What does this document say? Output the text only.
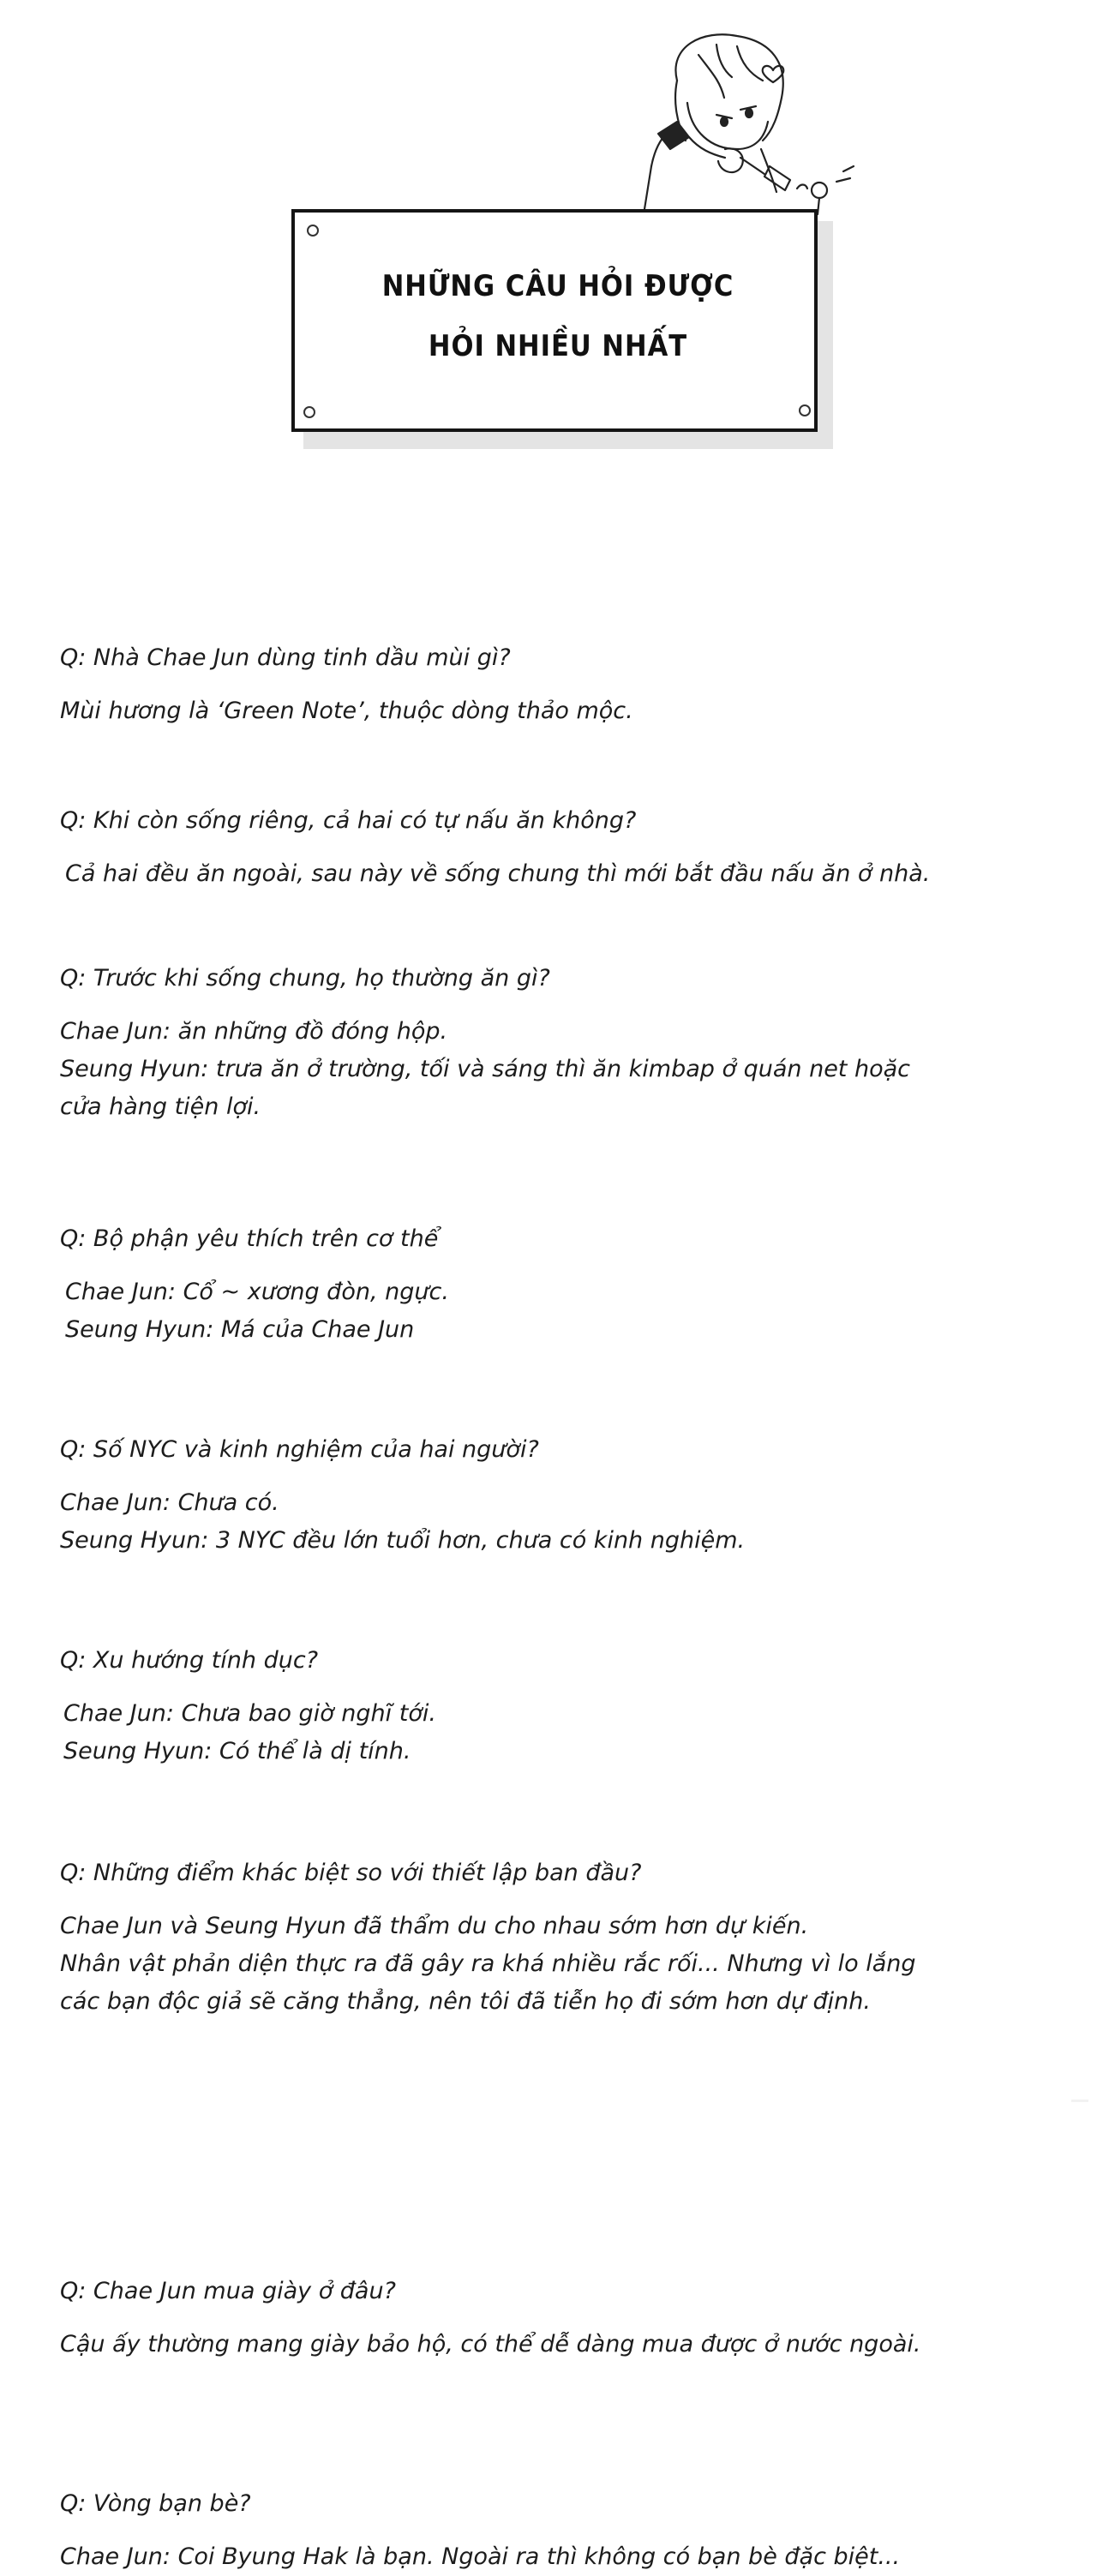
NHỮNG CÂU HỎI ĐƯỢC
HỎI NHIỀU NHẤT

Q: Nhà Chae Jun dùng tinh dầu mùi gì?

Mùi hương là ‘Green Note’, thuộc dòng thảo mộc.

Q: Khi còn sống riêng, cả hai có tự nấu ăn không?

Cả hai đều ăn ngoài, sau này về sống chung thì mới bắt đầu nấu ăn ở nhà.

Q: Trước khi sống chung, họ thường ăn gì?

Chae Jun: ăn những đồ đóng hộp.

Seung Hyun: trưa ăn ở trường, tối và sáng thì ăn kimbap ở quán net hoặc

cửa hàng tiện lợi.

Q: Bộ phận yêu thích trên cơ thể

Chae Jun: Cổ ~ xương đòn, ngực.

Seung Hyun: Má của Chae Jun

Q: Số NYC và kinh nghiệm của hai người?

Chae Jun: Chưa có.

Seung Hyun: 3 NYC đều lớn tuổi hơn, chưa có kinh nghiệm.

Q: Xu hướng tính dục?

Chae Jun: Chưa bao giờ nghĩ tới.

Seung Hyun: Có thể là dị tính.

Q: Những điểm khác biệt so với thiết lập ban đầu?

Chae Jun và Seung Hyun đã thẩm du cho nhau sớm hơn dự kiến.

Nhân vật phản diện thực ra đã gây ra khá nhiều rắc rối... Nhưng vì lo lắng

các bạn độc giả sẽ căng thẳng, nên tôi đã tiễn họ đi sớm hơn dự định.

Q: Chae Jun mua giày ở đâu?

Cậu ấy thường mang giày bảo hộ, có thể dễ dàng mua được ở nước ngoài.

Q: Vòng bạn bè?

Chae Jun: Coi Byung Hak là bạn. Ngoài ra thì không có bạn bè đặc biệt...
